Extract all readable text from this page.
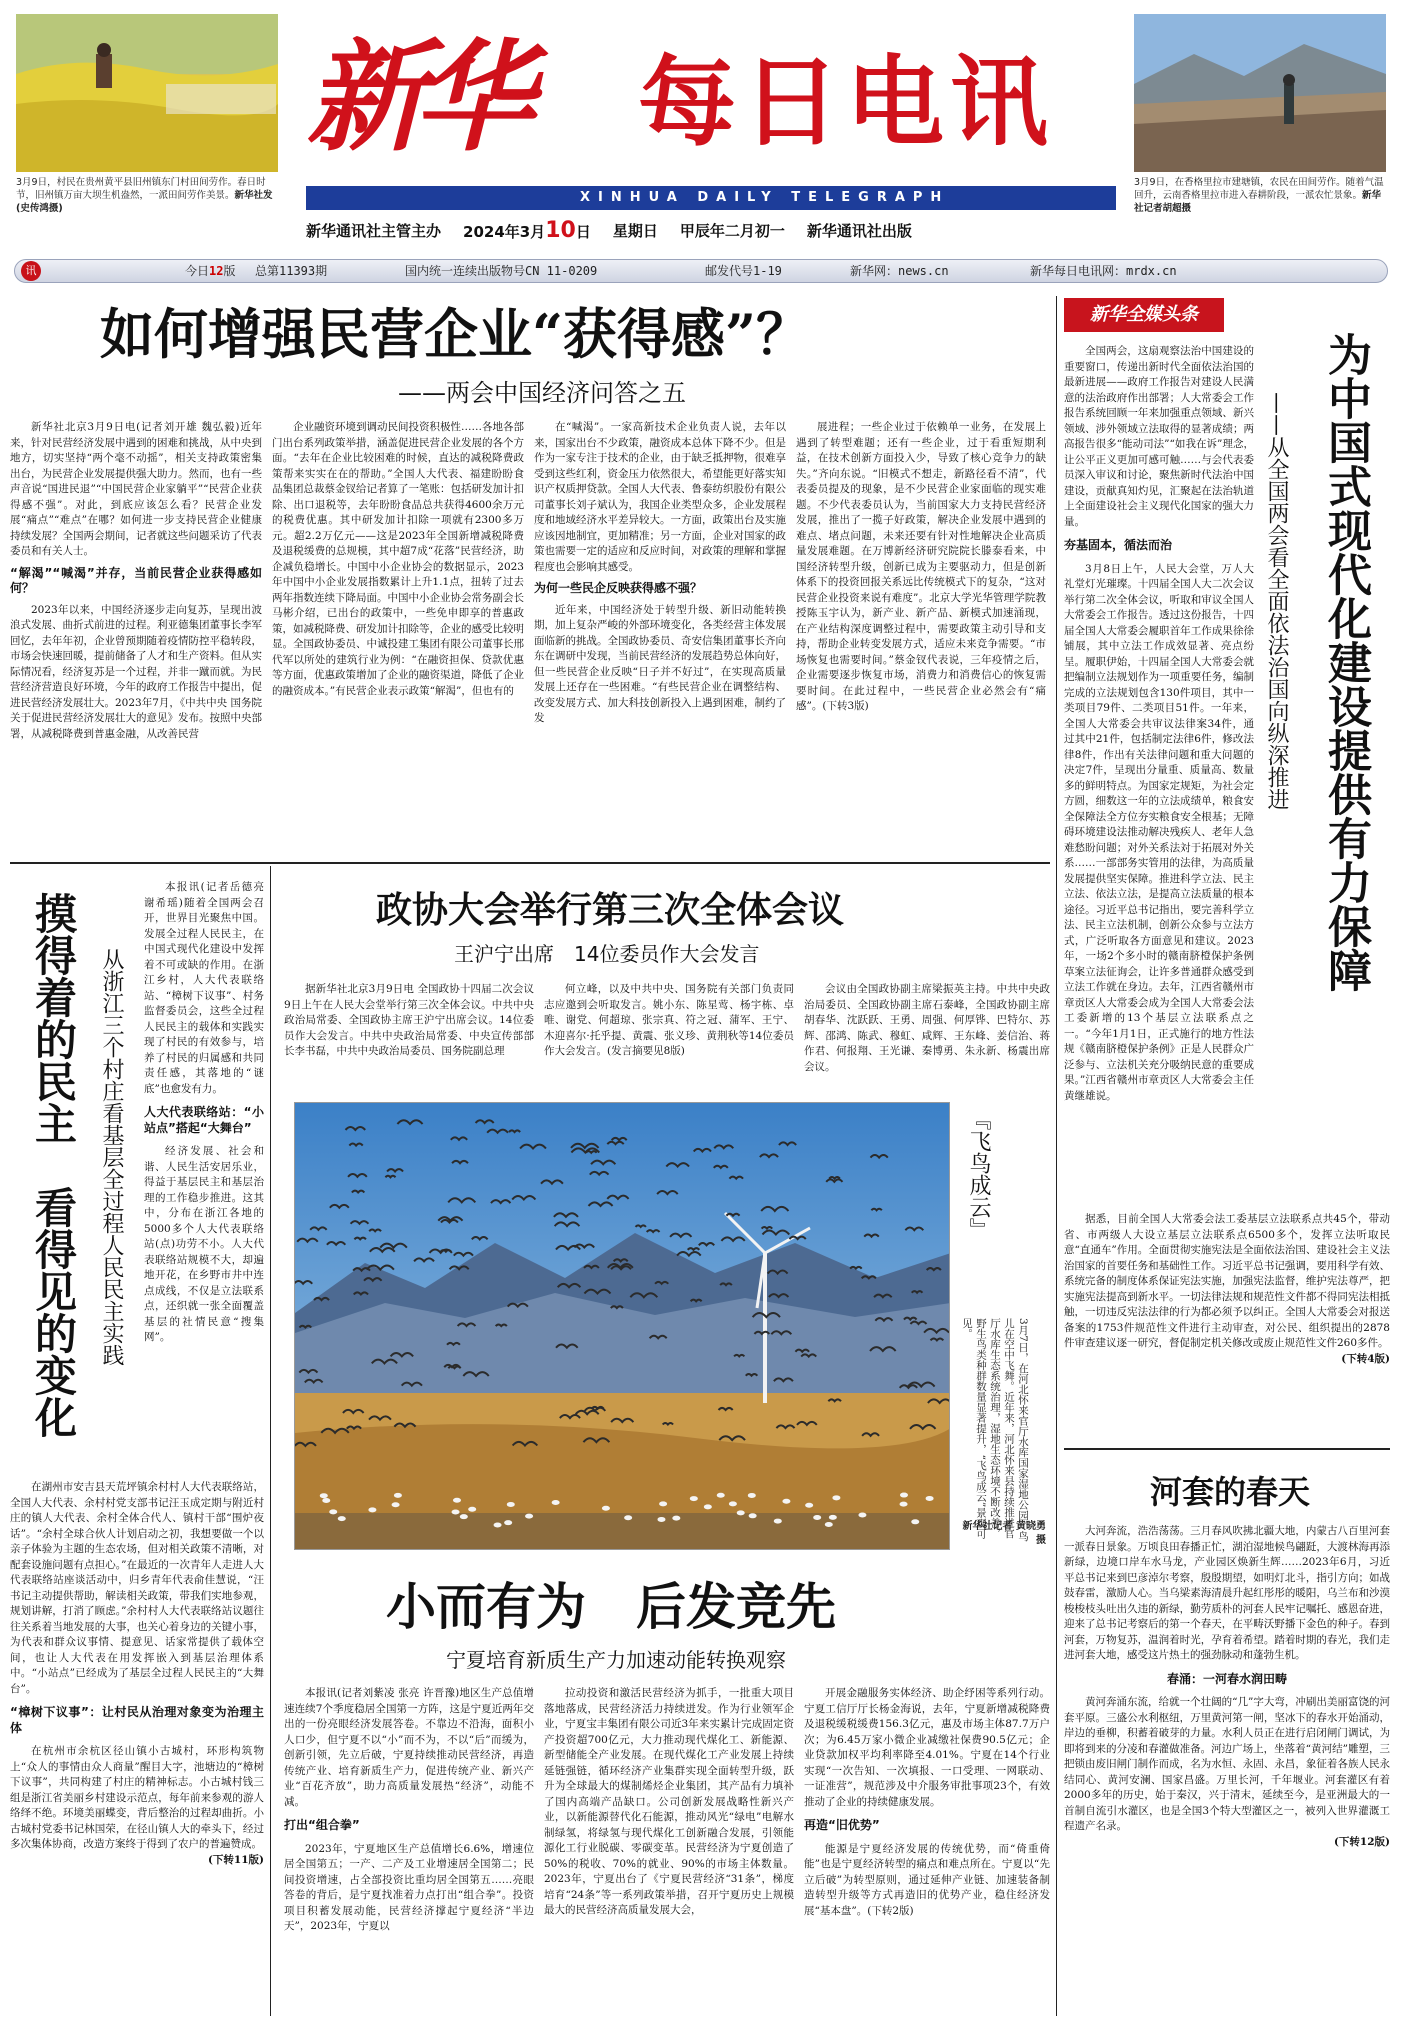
3月9日，村民在贵州黄平县旧州镇东门村田间劳作。春日时节，旧州镇万亩大坝生机盎然，一派田间劳作美景。新华社发(史传鸿摄)
3月9日，在香格里拉市建塘镇，农民在田间劳作。随着气温回升，云南香格里拉市进入春耕阶段，一派农忙景象。新华社记者胡超摄
新华	每日电讯
XINHUA DAILY TELEGRAPH
新华通讯社主管主办 2024年3月10日 星期日 甲辰年二月初一 新华通讯社出版
讯	今日12版 总第11393期	国内统一连续出版物号CN 11-0209	邮发代号1-19	新华网：news.cn	新华每日电讯网：mrdx.cn
如何增强民营企业“获得感”？
——两会中国经济问答之五

新华社北京3月9日电(记者刘开雄 魏弘毅)近年来，针对民营经济发展中遇到的困难和挑战，从中央到地方，切实坚持“两个毫不动摇”，相关支持政策密集出台，为民营企业发展提供强大助力。然而，也有一些声音说“国进民退”“中国民营企业家躺平”“民营企业获得感不强”。对此，到底应该怎么看？民营企业发展“痛点”“难点”在哪？如何进一步支持民营企业健康持续发展？全国两会期间，记者就这些问题采访了代表委员和有关人士。

“解渴”“喊渴”并存，当前民营企业获得感如何？

2023年以来，中国经济逐步走向复苏，呈现出波浪式发展、曲折式前进的过程。利亚德集团董事长李军回忆，去年年初，企业曾预期随着疫情防控平稳转段，市场会快速回暖，提前储备了人才和生产资料。但从实际情况看，经济复苏是一个过程，并非一蹴而就。为民营经济营造良好环境，今年的政府工作报告中提出，促进民营经济发展壮大。2023年7月，《中共中央 国务院关于促进民营经济发展壮大的意见》发布。按照中央部署，从减税降费到普惠金融，从改善民营

企业融资环境到调动民间投资积极性……各地各部门出台系列政策举措，涵盖促进民营企业发展的各个方面。“去年在企业比较困难的时候，直达的减税降费政策帮来实实在在的帮助。”全国人大代表、福建盼盼食品集团总裁蔡金钗给记者算了一笔账：包括研发加计扣除、出口退税等，去年盼盼食品总共获得4600余万元的税费优惠。其中研发加计扣除一项就有2300多万元。超2.2万亿元——这是2023年全国新增减税降费及退税缓费的总规模，其中超7成“花落”民营经济，助企减负稳增长。中国中小企业协会的数据显示，2023年中国中小企业发展指数累计上升1.1点，扭转了过去两年指数连续下降局面。中国中小企业协会常务副会长马彬介绍，已出台的政策中，一些免申即享的普惠政策，如减税降费、研发加计扣除等，企业的感受比较明显。全国政协委员、中诚投建工集团有限公司董事长邢代军以所处的建筑行业为例：“在融资担保、贷款优惠等方面，优惠政策增加了企业的融资渠道，降低了企业的融资成本。”有民营企业表示政策“解渴”，但也有的

在“喊渴”。一家高新技术企业负责人说，去年以来，国家出台不少政策，融资成本总体下降不少。但是作为一家专注于技术的企业，由于缺乏抵押物，很难享受到这些红利，资金压力依然很大，希望能更好落实知识产权质押贷款。全国人大代表、鲁泰纺织股份有限公司董事长刘子斌认为，我国企业类型众多，企业发展程度和地域经济水平差异较大。一方面，政策出台及实施应该因地制宜，更加精准；另一方面，企业对国家的政策也需要一定的适应和反应时间，对政策的理解和掌握程度也会影响其感受。

为何一些民企反映获得感不强？

近年来，中国经济处于转型升级、新旧动能转换期，加上复杂严峻的外部环境变化，各类经营主体发展面临新的挑战。全国政协委员、奇安信集团董事长齐向东在调研中发现，当前民营经济的发展趋势总体向好，但一些民营企业反映“日子并不好过”，在实现高质量发展上还存在一些困难。“有些民营企业在调整结构、改变发展方式、加大科技创新投入上遇到困难，制约了发

展进程；一些企业过于依赖单一业务，在发展上遇到了转型难题；还有一些企业，过于看重短期利益，在技术创新方面投入少，导致了核心竞争力的缺失。”齐向东说。“旧模式不想走，新路径看不清”，代表委员提及的现象，是不少民营企业家面临的现实难题。不少代表委员认为，当前国家大力支持民营经济发展，推出了一揽子好政策，解决企业发展中遇到的难点、堵点问题，未来还要有针对性地解决企业高质量发展难题。在万博新经济研究院院长滕泰看来，中国经济转型升级，创新已成为主要驱动力，但是创新体系下的投资回报关系远比传统模式下的复杂，“这对民营企业投资来说有难度”。北京大学光华管理学院教授陈玉宇认为，新产业、新产品、新模式加速涌现，在产业结构深度调整过程中，需要政策主动引导和支持，帮助企业转变发展方式，适应未来竞争需要。“市场恢复也需要时间。”蔡金钗代表说，三年疫情之后，企业需要逐步恢复市场，消费力和消费信心的恢复需要时间。在此过程中，一些民营企业必然会有“痛感”。(下转3版)

摸得着的民主　看得见的变化 从浙江三个村庄看基层全过程人民民主实践

本报讯(记者岳德亮 谢希瑶)随着全国两会召开，世界目光聚焦中国。发展全过程人民民主，在中国式现代化建设中发挥着不可或缺的作用。在浙江乡村，人大代表联络站、“樟树下议事”、村务监督委员会，这些全过程人民民主的载体和实践实现了村民的有效参与，培养了村民的归属感和共同责任感，其落地的“谜底”也愈发有力。

人大代表联络站：“小站点”搭起“大舞台”

经济发展、社会和谐、人民生活安居乐业，得益于基层民主和基层治理的工作稳步推进。这其中，分布在浙江各地的5000多个人大代表联络站(点)功劳不小。人大代表联络站规模不大，却遍地开花，在乡野市井中连点成线，不仅是立法联系点，还织就一张全面覆盖基层的社情民意“搜集网”。

在湖州市安吉县天荒坪镇余村村人大代表联络站，全国人大代表、余村村党支部书记汪玉成定期与附近村庄的镇人大代表、余村全体合代人、镇村干部“围炉夜话”。“余村全球合伙人计划启动之初，我想要做一个以亲子体验为主题的生态农场，但对相关政策不清晰，对配套设施问题有点担心。”在最近的一次青年人走进人大代表联络站座谈活动中，归乡青年代表俞佳慧说，“汪书记主动提供帮助，解读相关政策，带我们实地参观，规划讲解，打消了顾虑。”余村村人大代表联络站议题往往关系着当地发展的大事，也关心着身边的关键小事，为代表和群众议事情、提意见、话家常提供了载体空间，也让人大代表在用发挥嵌入到基层治理体系中。“小站点”已经成为了基层全过程人民民主的“大舞台”。

“樟树下议事”：让村民从治理对象变为治理主体

在杭州市余杭区径山镇小古城村，环形构筑物上“众人的事情由众人商量”醒目大字，池塘边的“樟树下议事”，共同构建了村庄的精神标志。小古城村钱三组是浙江省美丽乡村建设示范点，每年前来参观的游人络绎不绝。环境美丽蝶变，背后整治的过程却曲折。小古城村党委书记林国荣，在径山镇人大的牵头下，经过多次集体协商，改造方案终于得到了农户的普遍赞成。

(下转11版)
政协大会举行第三次全体会议
王沪宁出席　14位委员作大会发言

据新华社北京3月9日电 全国政协十四届二次会议9日上午在人民大会堂举行第三次全体会议。中共中央政治局常委、全国政协主席王沪宁出席会议。14位委员作大会发言。中共中央政治局常委、中央宣传部部长李书磊，中共中央政治局委员、国务院副总理

何立峰，以及中共中央、国务院有关部门负责同志应邀到会听取发言。姚小东、陈星莺、杨宇栋、卓唯、谢党、何超琼、张宗真、符之冠、蒲军、王宁、木迎喜尔·托乎提、黄震、张义珍、黄荆秋等14位委员作大会发言。(发言摘要见8版)

会议由全国政协副主席梁振英主持。中共中央政治局委员、全国政协副主席石泰峰，全国政协副主席胡春华、沈跃跃、王勇、周强、何厚铧、巴特尔、苏辉、邵鸿、陈武、穆虹、咸辉、王东峰、姜信治、蒋作君、何报翔、王光谦、秦博勇、朱永新、杨震出席会议。

『飞鸟成云』
3月7日，在河北怀来官厅水库国家湿地公园，鸟儿在空中飞舞。近年来，河北怀来县持续推进官厅水库生态系统治理，湿地生态环境不断改善，野生鸟类种群数量显著提升，“飞鸟成云”景观可见。
新华社记者 黄晓勇摄
小而有为　后发竞先
宁夏培育新质生产力加速动能转换观察

本报讯(记者刘紫凌 张亮 许晋豫)地区生产总值增速连续7个季度稳居全国第一方阵，这是宁夏近两年交出的一份亮眼经济发展答卷。不靠边不沿海，面积小人口少，但宁夏不以“小”而不为，不以“后”而缓为，创新引领，先立后破，宁夏持续推动民营经济，再造传统产业、培育新质生产力，促进传统产业、新兴产业“百花齐放”，助力高质量发展热“经济”，动能不减。

打出“组合拳”

2023年，宁夏地区生产总值增长6.6%，增速位居全国第五；一产、二产及工业增速居全国第二；民间投资增速，占全部投资比重均居全国第五……亮眼答卷的背后，是宁夏找准着力点打出“组合拳”。投资项目积蓄发展动能，民营经济撑起宁夏经济“半边天”，2023年，宁夏以

拉动投资和激活民营经济为抓手，一批重大项目落地落成，民营经济活力持续迸发。作为行业领军企业，宁夏宝丰集团有限公司近3年来实累计完成固定资产投资超700亿元，大力推动现代煤化工、新能源、新型储能全产业发展。在现代煤化工产业发展上持续延链强链，循环经济产业集群实现全面转型升级，跃升为全球最大的煤制烯烃企业集团，其产品有力填补了国内高端产品缺口。公司创新发展战略性新兴产业，以新能源替代化石能源，推动风光“绿电”电解水制绿氢，将绿氢与现代煤化工创新融合发展，引领能源化工行业脱碳、零碳变革。民营经济为宁夏创造了50%的税收、70%的就业、90%的市场主体数量。2023年，宁夏出台了《宁夏民营经济“31条”，梯度培育“24条”等一系列政策举措，召开宁夏历史上规模最大的民营经济高质量发展大会，

开展金融服务实体经济、助企纾困等系列行动。宁夏工信厅厅长杨金海说，去年，宁夏新增减税降费及退税缓税缓费156.3亿元，惠及市场主体87.7万户次；为6.45万家小微企业减缴社保费90.5亿元；企业贷款加权平均利率降至4.01%。宁夏在14个行业实现“一次告知、一次填报、一口受理、一网联动、一证准营”，规范涉及中介服务审批事项23个，有效推动了企业的持续健康发展。

再造“旧优势”

能源是宁夏经济发展的传统优势，而“倚重倚能”也是宁夏经济转型的痛点和难点所在。宁夏以“先立后破”为转型原则，通过延伸产业链、加速装备制造转型升级等方式再造旧的优势产业，稳住经济发展“基本盘”。(下转2版)

新华全媒头条
为中国式现代化建设提供有力保障
——从全国两会看全面依法治国向纵深推进

全国两会，这扇观察法治中国建设的重要窗口，传递出新时代全面依法治国的最新进展——政府工作报告对建设人民满意的法治政府作出部署；人大常委会工作报告系统回顾一年来加强重点领域、新兴领域、涉外领域立法取得的显著成绩；两高报告很多“能动司法”“如我在诉”理念，让公平正义更加可感可触……与会代表委员深入审议和讨论，聚焦新时代法治中国建设，贡献真知灼见，汇聚起在法治轨道上全面建设社会主义现代化国家的强大力量。

夯基固本，循法而治

3月8日上午，人民大会堂，万人大礼堂灯光璀璨。十四届全国人大二次会议举行第二次全体会议，听取和审议全国人大常委会工作报告。透过这份报告，十四届全国人大常委会履职首年工作成果徐徐铺展，其中立法工作成效显著、亮点纷呈。履职伊始，十四届全国人大常委会就把编制立法规划作为一项重要任务，编制完成的立法规划包含130件项目，其中一类项目79件、二类项目51件。一年来，全国人大常委会共审议法律案34件，通过其中21件，包括制定法律6件，修改法律8件，作出有关法律问题和重大问题的决定7件，呈现出分量重、质量高、数量多的鲜明特点。为国家定规矩，为社会定方圆，细数这一年的立法成绩单，粮食安全保障法全方位夯实粮食安全根基；无障碍环境建设法推动解决残疾人、老年人急难愁盼问题；对外关系法対于拓展对外关系……一部部务实管用的法律，为高质量发展提供坚实保障。推进科学立法、民主立法、依法立法，是提高立法质量的根本途径。习近平总书记指出，要完善科学立法、民主立法机制，创新公众参与立法方式，广泛听取各方面意见和建议。2023年，一场2个多小时的赣南脐橙保护条例草案立法征询会，让许多普通群众感受到立法工作就在身边。去年，江西省赣州市章贡区人大常委会成为全国人大常委会法工委新增的13个基层立法联系点之一。“今年1月1日，正式施行的地方性法规《赣南脐橙保护条例》正是人民群众广泛参与、立法机关充分吸纳民意的重要成果。”江西省赣州市章贡区人大常委会主任黄继雄说。

据悉，目前全国人大常委会法工委基层立法联系点共45个，带动省、市两级人大设立基层立法联系点6500多个，发挥立法听取民意“直通车”作用。全面贯彻实施宪法是全面依法治国、建设社会主义法治国家的首要任务和基础性工作。习近平总书记强调，要用科学有效、系统完备的制度体系保证宪法实施，加强宪法监督，维护宪法尊严，把实施宪法提高到新水平。一切法律法规和规范性文件都不得同宪法相抵触，一切违反宪法法律的行为都必须予以纠正。全国人大常委会对报送备案的1753件规范性文件进行主动审查，对公民、组织提出的2878件审查建议逐一研究，督促制定机关修改或废止规范性文件260多件。

(下转4版)
河套的春天

大河奔流，浩浩荡荡。三月春风吹拂北疆大地，内蒙古八百里河套一派春日景象。万顷良田春播正忙，湖泊湿地候鸟翩跹，大渡林海再添新绿，边境口岸车水马龙，产业园区焕新生辉……2023年6月，习近平总书记来到巴彦淖尔考察，殷殷期望，如明灯北斗，指引方向；如战鼓春雷，激励人心。当乌梁素海清晨升起红彤彤的暖阳，乌兰布和沙漠梭梭枝头吐出久违的新绿，勤劳质朴的河套人民牢记嘱托、感恩奋进，迎来了总书记考察后的第一个春天，在平畴沃野播下金色的种子。春到河套，万物复苏，温润着时光，孕育着希望。踏着时期的春光，我们走进河套大地，感受这片热土的强劲脉动和蓬勃生机。

春涌：一河春水润田畴

黄河奔涌东流，给就一个壮阔的“几”字大弯，冲刷出美丽富饶的河套平原。三盛公水利枢纽，万里黄河第一闸，坚冰下的春水开始涌动，岸边的垂柳，积蓄着破芽的力量。水利人员正在进行启闭闸门调试，为即将到来的分凌和春灌做准备。河边广场上，坐落着“黄河结”雕塑，三把锁由废旧闸门制作而成，名为水恒、永固、永昌，象征着各族人民永结同心、黄河安澜、国家昌盛。万里长河，千年堰业。河套灌区有着2000多年的历史，始于秦汉，兴于清末，延续至今，是亚洲最大的一首制自流引水灌区，也是全国3个特大型灌区之一，被列入世界灌溉工程遗产名录。

(下转12版)
